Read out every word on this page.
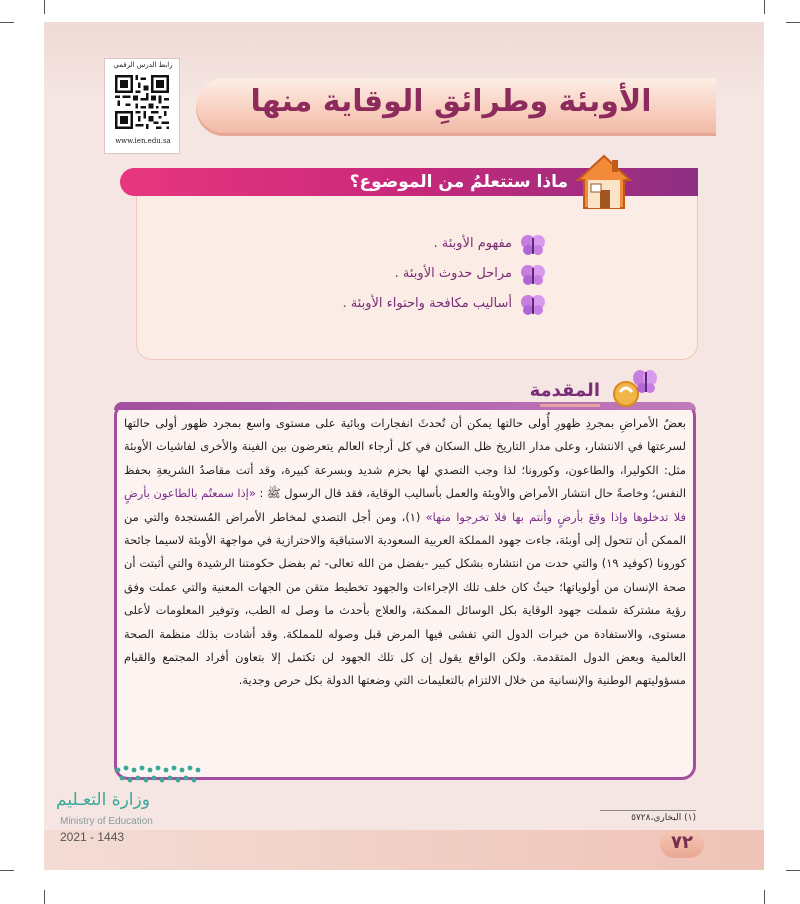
رابط الدرس الرقمي
www.ien.edu.sa
الأوبئة وطرائقِ الوقاية منها
ماذا ستتعلمُ من الموضوع؟
مفهوم الأوبئة .
مراحل حدوث الأوبئة .
أساليب مكافحة واحتواء الأوبئة .
المقدمة
بعضُ الأمراضِ بمجردِ ظهورِ أُولى حالتها يمكن أن تُحدثَ انفجارات وبائية على مستوى واسع بمجرد ظهور أولى حالتها لسرعتها في الانتشار، وعلى مدار التاريخ ظل السكان في كل أرجاء العالم يتعرضون بين الفينة والأخرى لفاشيات الأوبئة مثل: الكوليرا، والطاعون، وكورونا؛ لذا وجب التصدي لها بحزم شديد وبسرعة كبيرة، وقد أتت مقاصدُ الشريعةِ بحفظ النفس؛ وخاصةً حال انتشار الأمراض والأوبئة والعمل بأساليب الوقاية، فقد قال الرسول ﷺ : «إذا سمعتُم بالطاعون بأرضٍ فلا تدخلوها وإذا وقعَ بأرضٍ وأنتم بها فلا تخرجوا منها» (١)، ومن أجل التصدي لمخاطر الأمراض المُستجدة والتي من الممكن أن تتحول إلى أوبئة، جاءت جهود المملكة العربية السعودية الاستباقية والاحترازية في مواجهة الأوبئة لاسيما جائحة كورونا (كوفيد ١٩) والتي حدت من انتشاره بشكل كبير -بفضل من الله تعالى- ثم بفضل حكومتنا الرشيدة والتي أثبتت أن صحة الإنسان من أولوياتها؛ حيثُ كان خلف تلك الإجراءات والجهود تخطيط متقن من الجهات المعنية والتي عملت وفق رؤية مشتركة شملت جهود الوقاية بكل الوسائل الممكنة، والعلاج بأحدث ما وصل له الطب، وتوفير المعلومات لأعلى مستوى، والاستفادة من خبرات الدول التي تفشى فيها المرض قبل وصوله للمملكة. وقد أشادت بذلك منظمة الصحة العالمية وبعض الدول المتقدمة. ولكن الواقع يقول إن كل تلك الجهود لن تكتمل إلا بتعاون أفراد المجتمع والقيام مسؤوليتهم الوطنية والإنسانية من خلال الالتزام بالتعليمات التي وضعتها الدولة بكل حرص وجدية.
وزارة التعـليم
Ministry of Education
2021 - 1443
(١) البخاري،٥٧٢٨
٧٢
